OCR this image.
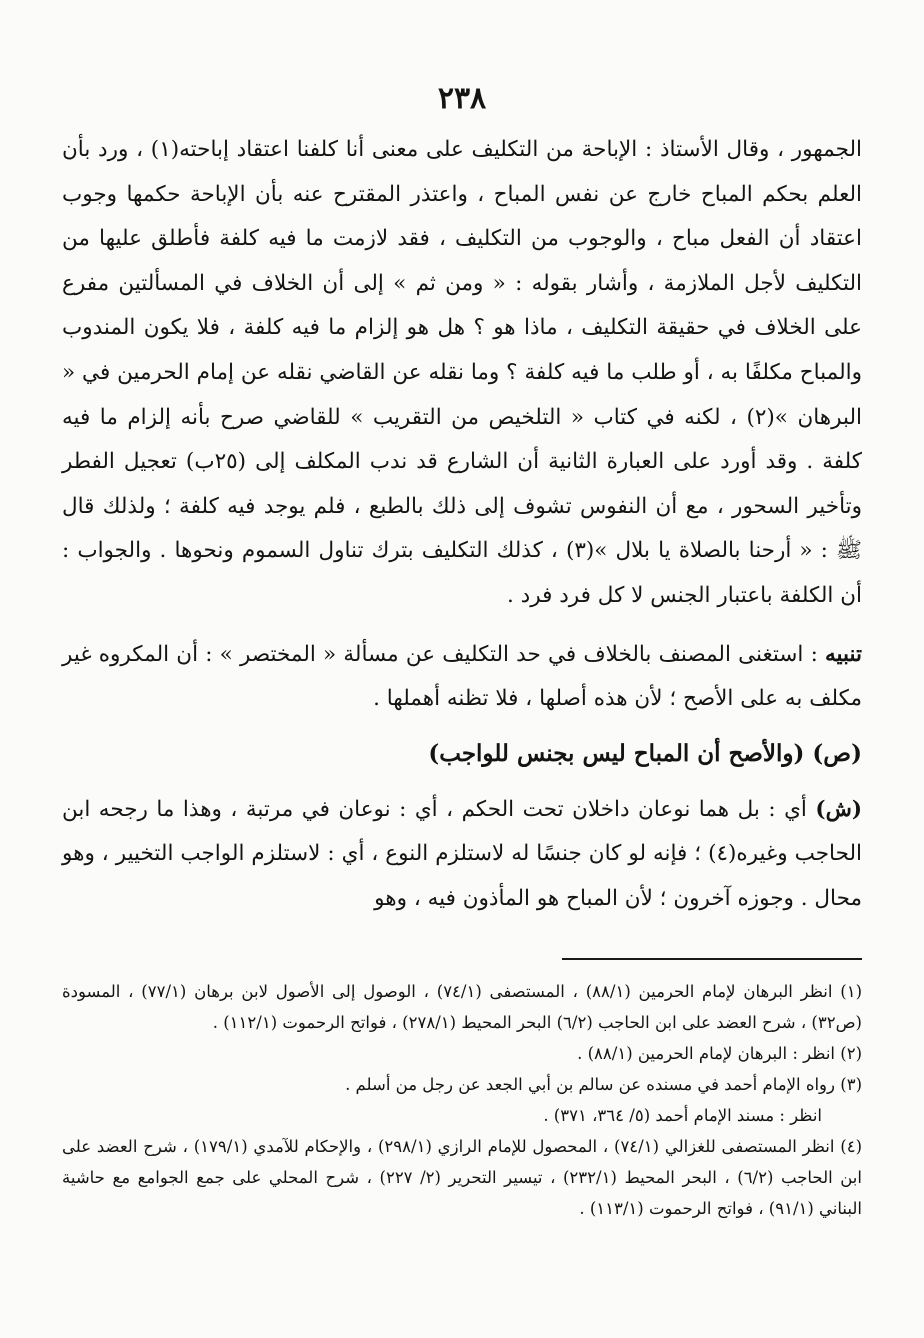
٢٣٨

الجمهور ، وقال الأستاذ : الإباحة من التكليف على معنى أنا كلفنا اعتقاد إباحته(١) ، ورد بأن العلم بحكم المباح خارج عن نفس المباح ، واعتذر المقترح عنه بأن الإباحة حكمها وجوب اعتقاد أن الفعل مباح ، والوجوب من التكليف ، فقد لازمت ما فيه كلفة فأطلق عليها من التكليف لأجل الملازمة ، وأشار بقوله : « ومن ثم » إلى أن الخلاف في المسألتين مفرع على الخلاف في حقيقة التكليف ، ماذا هو ؟ هل هو إلزام ما فيه كلفة ، فلا يكون المندوب والمباح مكلفًا به ، أو طلب ما فيه كلفة ؟ وما نقله عن القاضي نقله عن إمام الحرمين في « البرهان »(٢) ، لكنه في كتاب « التلخيص من التقريب » للقاضي صرح بأنه إلزام ما فيه كلفة . وقد أورد على العبارة الثانية أن الشارع قد ندب المكلف إلى (٢٥ب) تعجيل الفطر وتأخير السحور ، مع أن النفوس تشوف إلى ذلك بالطبع ، فلم يوجد فيه كلفة ؛ ولذلك قال ﷺ : « أرحنا بالصلاة يا بلال »(٣) ، كذلك التكليف بترك تناول السموم ونحوها . والجواب : أن الكلفة باعتبار الجنس لا كل فرد فرد .

تنبيه : استغنى المصنف بالخلاف في حد التكليف عن مسألة « المختصر » : أن المكروه غير مكلف به على الأصح ؛ لأن هذه أصلها ، فلا تظنه أهملها .

(ص) (والأصح أن المباح ليس بجنس للواجب)

(ش) أي : بل هما نوعان داخلان تحت الحكم ، أي : نوعان في مرتبة ، وهذا ما رجحه ابن الحاجب وغيره(٤) ؛ فإنه لو كان جنسًا له لاستلزم النوع ، أي : لاستلزم الواجب التخيير ، وهو محال . وجوزه آخرون ؛ لأن المباح هو المأذون فيه ، وهو

(١) انظر البرهان لإمام الحرمين (٨٨/١) ، المستصفى (٧٤/١) ، الوصول إلى الأصول لابن برهان (٧٧/١) ، المسودة (ص٣٢) ، شرح العضد على ابن الحاجب (٦/٢) البحر المحيط (٢٧٨/١) ، فواتح الرحموت (١١٢/١) .

(٢) انظر : البرهان لإمام الحرمين (٨٨/١) .

(٣) رواه الإمام أحمد في مسنده عن سالم بن أبي الجعد عن رجل من أسلم .

انظر : مسند الإمام أحمد (٥/ ٣٦٤، ٣٧١) .

(٤) انظر المستصفى للغزالي (٧٤/١) ، المحصول للإمام الرازي (٢٩٨/١) ، والإحكام للآمدي (١٧٩/١) ، شرح العضد على ابن الحاجب (٦/٢) ، البحر المحيط (٢٣٢/١) ، تيسير التحرير (٢/ ٢٢٧) ، شرح المحلي على جمع الجوامع مع حاشية البناني (٩١/١) ، فواتح الرحموت (١١٣/١) .
